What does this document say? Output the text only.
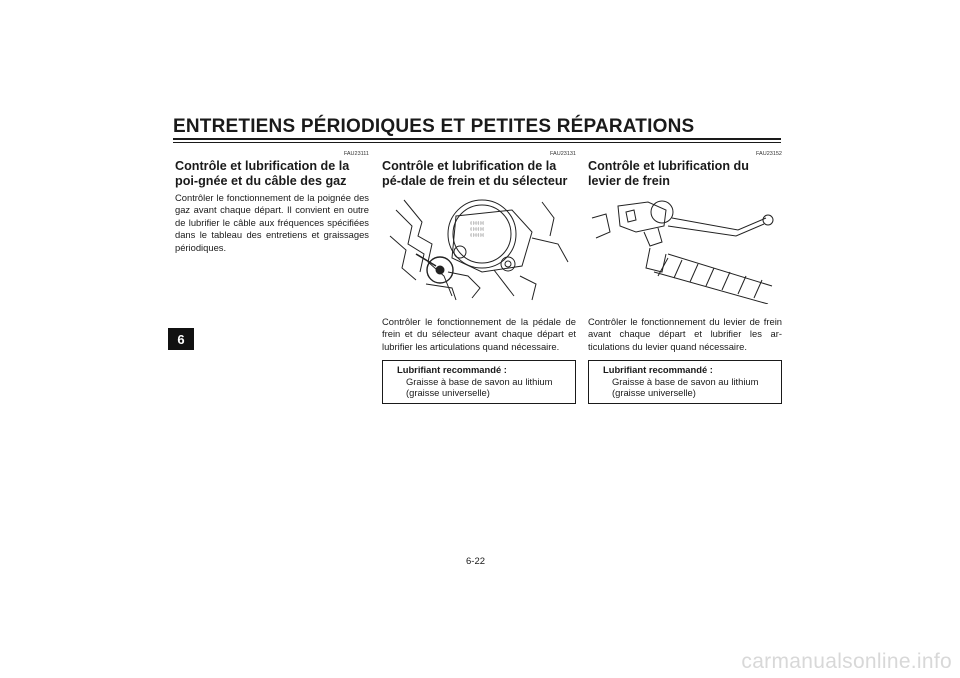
ENTRETIENS PÉRIODIQUES ET PETITES RÉPARATIONS
6
FAU23111
Contrôle et lubrification de la poi-gnée et du câble des gaz

Contrôler le fonctionnement de la poignée des gaz avant chaque départ. Il convient en outre de lubrifier le câble aux fréquences spécifiées dans le tableau des entretiens et graissages périodiques.

FAU23131
Contrôle et lubrification de la pé-dale de frein et du sélecteur
▯▯▯▯▯▯
▯▯▯▯▯▯
▯▯▯▯▯▯

Contrôler le fonctionnement de la pédale de frein et du sélecteur avant chaque départ et lubrifier les articulations quand nécessaire.

Lubrifiant recommandé :
Graisse à base de savon au lithium (graisse universelle)
FAU23152
Contrôle et lubrification du levier de frein

Contrôler le fonctionnement du levier de frein avant chaque départ et lubrifier les ar-ticulations du levier quand nécessaire.

Lubrifiant recommandé :
Graisse à base de savon au lithium (graisse universelle)
6-22
carmanualsonline.info
